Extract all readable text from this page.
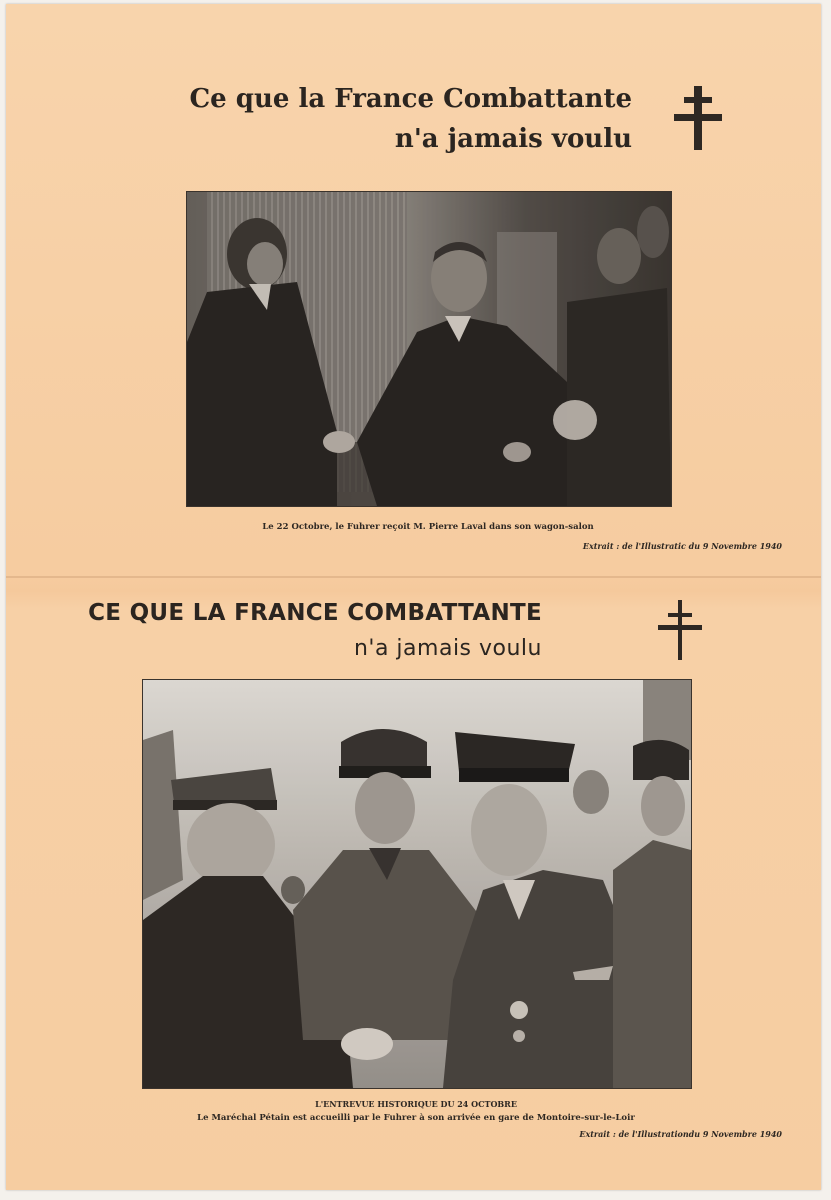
Ce que la France Combattante
n'a jamais voulu
Le 22 Octobre, le Fuhrer reçoit M. Pierre Laval dans son wagon-salon
Extrait : de l'Illustratic du 9 Novembre 1940
CE QUE LA FRANCE COMBATTANTE
n'a jamais voulu
L'ENTREVUE HISTORIQUE DU 24 OCTOBRE
Le Maréchal Pétain est accueilli par le Fuhrer à son arrivée en gare de Montoire-sur-le-Loir
Extrait : de l'Illustrationdu 9 Novembre 1940
